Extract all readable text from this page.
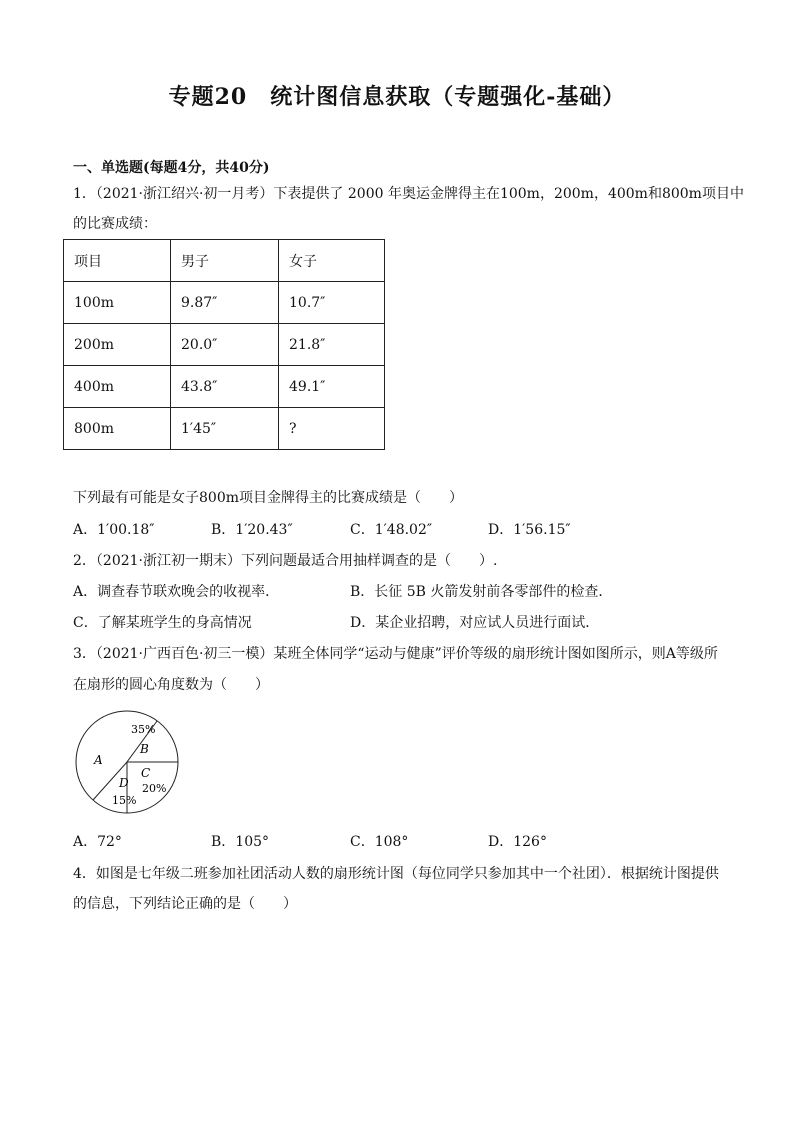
专题20　统计图信息获取（专题强化-基础）
一、单选题(每题4分，共40分)
1．（2021·浙江绍兴·初一月考）下表提供了 2000 年奥运金牌得主在100m，200m，400m和800m项目中
的比赛成绩：
项目	男子	女子
100m	9.87″	10.7″
200m	20.0″	21.8″
400m	43.8″	49.1″
800m	1′45″	?
下列最有可能是女子800m项目金牌得主的比赛成绩是（　　）
A．1′00.18″	B．1′20.43″	C．1′48.02″	D．1′56.15″
2．（2021·浙江初一期末）下列问题最适合用抽样调查的是（　　）.
A．调查春节联欢晚会的收视率．	B．长征 5B 火箭发射前各零部件的检查．
C．了解某班学生的身高情况	D．某企业招聘，对应试人员进行面试．
3．（2021·广西百色·初三一模）某班全体同学“运动与健康”评价等级的扇形统计图如图所示，则A等级所
在扇形的圆心角度数为（　　）
35%
B
A
C
20%
D
15%
A．72°	B．105°	C．108°	D．126°
4．如图是七年级二班参加社团活动人数的扇形统计图（每位同学只参加其中一个社团）．根据统计图提供
的信息，下列结论正确的是（　　）
